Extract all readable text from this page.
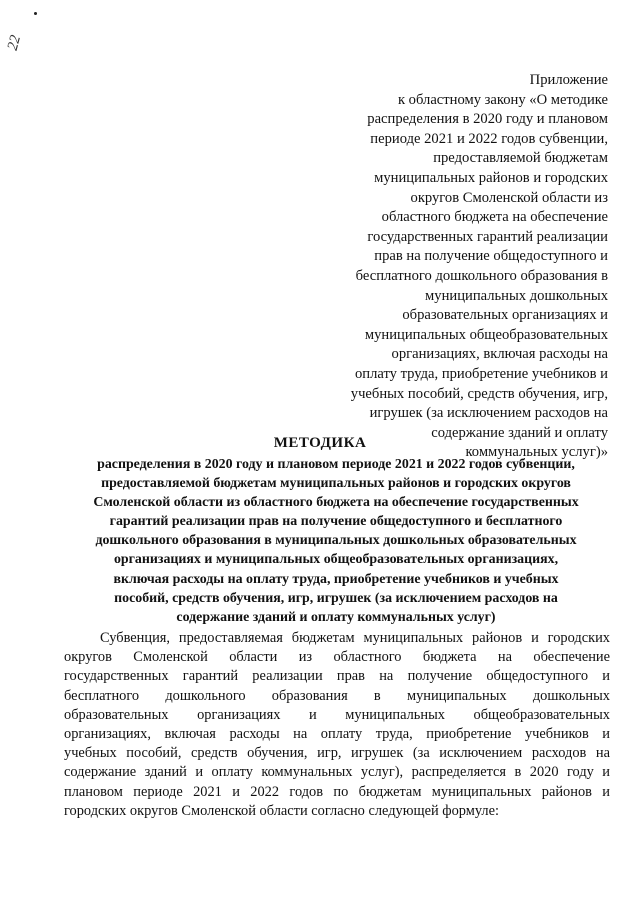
22
Приложение
к областному закону «О методике
распределения в 2020 году и плановом
периоде 2021 и 2022 годов субвенции,
предоставляемой бюджетам
муниципальных районов и городских
округов Смоленской области из
областного бюджета на обеспечение
государственных гарантий реализации
прав на получение общедоступного и
бесплатного дошкольного образования в
муниципальных дошкольных
образовательных организациях и
муниципальных общеобразовательных
организациях, включая расходы на
оплату труда, приобретение учебников и
учебных пособий, средств обучения, игр,
игрушек (за исключением расходов на
содержание зданий и оплату
коммунальных услуг)»
МЕТОДИКА
распределения в 2020 году и плановом периоде 2021 и 2022 годов субвенции,
предоставляемой бюджетам муниципальных районов и городских округов
Смоленской области из областного бюджета на обеспечение государственных
гарантий реализации прав на получение общедоступного и бесплатного
дошкольного образования в муниципальных дошкольных образовательных
организациях и муниципальных общеобразовательных организациях,
включая расходы на оплату труда, приобретение учебников и учебных
пособий, средств обучения, игр, игрушек (за исключением расходов на
содержание зданий и оплату коммунальных услуг)
Субвенция, предоставляемая бюджетам муниципальных районов и городских
округов Смоленской области из областного бюджета на обеспечение
государственных гарантий реализации прав на получение общедоступного и
бесплатного дошкольного образования в муниципальных дошкольных
образовательных организациях и муниципальных общеобразовательных
организациях, включая расходы на оплату труда, приобретение учебников и
учебных пособий, средств обучения, игр, игрушек (за исключением расходов на
содержание зданий и оплату коммунальных услуг), распределяется в 2020 году и
плановом периоде 2021 и 2022 годов по бюджетам муниципальных районов и
городских округов Смоленской области согласно следующей формуле:
